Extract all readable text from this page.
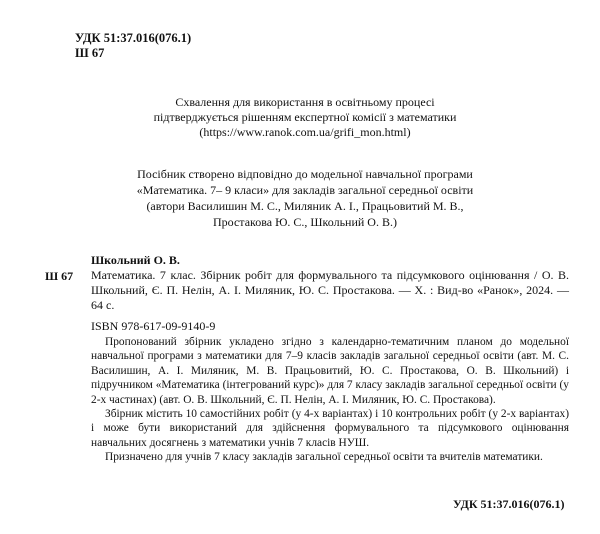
УДК 51:37.016(076.1)
Ш 67
Схвалення для використання в освітньому процесі
підтверджується рішенням експертної комісії з математики
(https://www.ranok.com.ua/grifi_mon.html)
Посібник створено відповідно до модельної навчальної програми
«Математика. 7– 9 класи» для закладів загальної середньої освіти
(автори Василишин М. С., Миляник А. І., Працьовитий М. В.,
Простакова Ю. С., Школьний О. В.)
Школьний О. В.
Ш 67 Математика. 7 клас. Збірник робіт для формувального та підсумкового оцінювання / О. В. Школьний, Є. П. Нелін, А. І. Миляник, Ю. С. Простакова. — Х. : Вид-во «Ранок», 2024. — 64 с.
ISBN 978-617-09-9140-9

Пропонований збірник укладено згідно з календарно-тематичним планом до модельної навчальної програми з математики для 7–9 класів закладів загальної середньої освіти (авт. М. С. Василишин, А. І. Миляник, М. В. Працьовитий, Ю. С. Простакова, О. В. Школьний) і підручником «Математика (інтегрований курс)» для 7 класу закладів загальної середньої освіти (у 2-х частинах) (авт. О. В. Школьний, Є. П. Нелін, А. І. Миляник, Ю. С. Простакова).

Збірник містить 10 самостійних робіт (у 4-х варіантах) і 10 контрольних робіт (у 2-х варіантах) і може бути використаний для здійснення формувального та підсумкового оцінювання навчальних досягнень з математики учнів 7 класів НУШ.

Призначено для учнів 7 класу закладів загальної середньої освіти та вчителів математики.

УДК 51:37.016(076.1)
